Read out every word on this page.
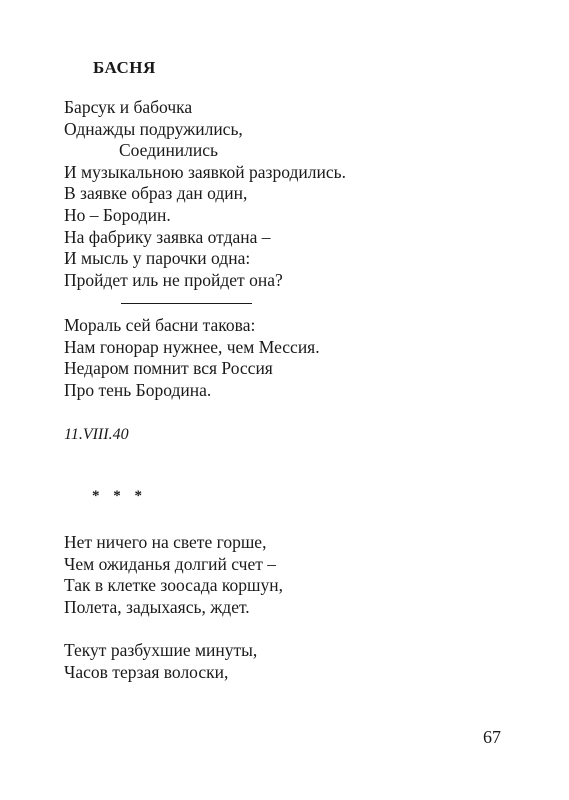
БАСНЯ
Барсук и бабочка
Однажды подружились,
Соединились
И музыкальною заявкой разродились.
В заявке образ дан один,
Но – Бородин.
На фабрику заявка отдана –
И мысль у парочки одна:
Пройдет иль не пройдет она?
Мораль сей басни такова:
Нам гонорар нужнее, чем Мессия.
Недаром помнит вся Россия
Про тень Бородина.
11.VIII.40
* * *
Нет ничего на свете горше,
Чем ожиданья долгий счет –
Так в клетке зоосада коршун,
Полета, задыхаясь, ждет.
Текут разбухшие минуты,
Часов терзая волоски,
67
